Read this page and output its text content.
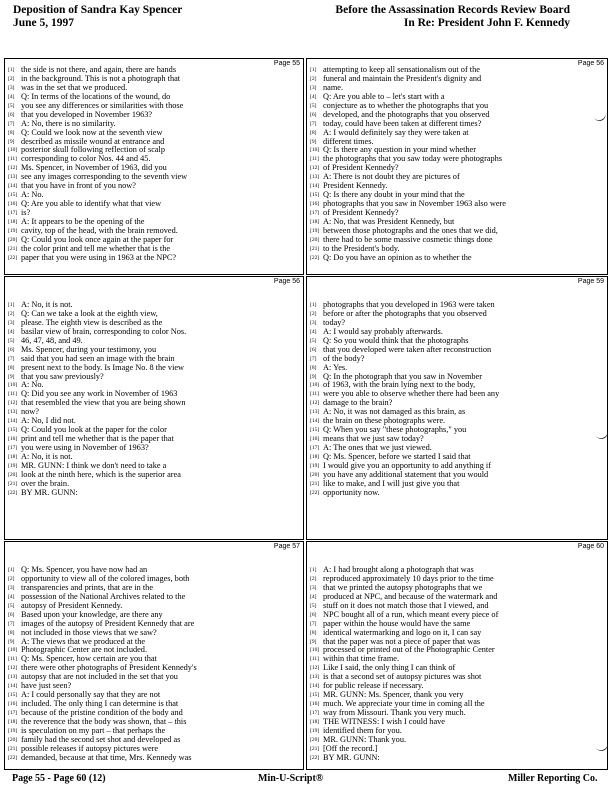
Deposition of Sandra Kay Spencer
June 5, 1997
Before the Assassination Records Review Board
In Re: President John F. Kennedy
Page 55
[1] the side is not there, and again, there are hands
[2] in the background. This is not a photograph that
[3] was in the set that we produced.
[4] Q: In terms of the locations of the wound, do
[5] you see any differences or similarities with those
[6] that you developed in November 1963?
[7] A: No, there is no similarity.
[8] Q: Could we look now at the seventh view
[9] described as missile wound at entrance and
[10] posterior skull following reflection of scalp
[11] corresponding to color Nos. 44 and 45.
[12] Ms. Spencer, in November of 1963, did you
[13] see any images corresponding to the seventh view
[14] that you have in front of you now?
[15] A: No.
[16] Q: Are you able to identify what that view
[17] is?
[18] A: It appears to be the opening of the
[19] cavity, top of the head, with the brain removed.
[20] Q: Could you look once again at the paper for
[21] the color print and tell me whether that is the
[22] paper that you were using in 1963 at the NPC?
Page 56
[1] attempting to keep all sensationalism out of the
[2] funeral and maintain the President's dignity and
[3] name.
[4] Q: Are you able to – let's start with a
[5] conjecture as to whether the photographs that you
[6] developed, and the photographs that you observed
[7] today, could have been taken at different times?
[8] A: I would definitely say they were taken at
[9] different times.
[10] Q: Is there any question in your mind whether
[11] the photographs that you saw today were photographs
[12] of President Kennedy?
[13] A: There is not doubt they are pictures of
[14] President Kennedy.
[15] Q: Is there any doubt in your mind that the
[16] photographs that you saw in November 1963 also were
[17] of President Kennedy?
[18] A: No, that was President Kennedy, but
[19] between those photographs and the ones that we did,
[20] there had to be some massive cosmetic things done
[21] to the President's body.
[22] Q: Do you have an opinion as to whether the
Page 56
[1] A: No, it is not.
[2] Q: Can we take a look at the eighth view,
[3] please. The eighth view is described as the
[4] basilar view of brain, corresponding to color Nos.
[5] 46, 47, 48, and 49.
[6] Ms. Spencer, during your testimony, you
[7] said that you had seen an image with the brain
[8] present next to the body. Is Image No. 8 the view
[9] that you saw previously?
[10] A: No.
[11] Q: Did you see any work in November of 1963
[12] that resembled the view that you are being shown
[13] now?
[14] A: No, I did not.
[15] Q: Could you look at the paper for the color
[16] print and tell me whether that is the paper that
[17] you were using in November of 1963?
[18] A: No, it is not.
[19] MR. GUNN: I think we don't need to take a
[20] look at the ninth here, which is the superior area
[21] over the brain.
[22] BY MR. GUNN:
Page 59
[1] photographs that you developed in 1963 were taken
[2] before or after the photographs that you observed
[3] today?
[4] A: I would say probably afterwards.
[5] Q: So you would think that the photographs
[6] that you developed were taken after reconstruction
[7] of the body?
[8] A: Yes.
[9] Q: In the photograph that you saw in November
[10] of 1963, with the brain lying next to the body,
[11] were you able to observe whether there had been any
[12] damage to the brain?
[13] A: No, it was not damaged as this brain, as
[14] the brain on these photographs were.
[15] Q: When you say "these photographs," you
[16] means that we just saw today?
[17] A: The ones that we just viewed.
[18] Q: Ms. Spencer, before we started I said that
[19] I would give you an opportunity to add anything if
[20] you have any additional statement that you would
[21] like to make, and I will just give you that
[22] opportunity now.
Page 57
[1] Q: Ms. Spencer, you have now had an
[2] opportunity to view all of the colored images, both
[3] transparencies and prints, that are in the
[4] possession of the National Archives related to the
[5] autopsy of President Kennedy.
[6] Based upon your knowledge, are there any
[7] images of the autopsy of President Kennedy that are
[8] not included in those views that we saw?
[9] A: The views that we produced at the
[10] Photographic Center are not included.
[11] Q: Ms. Spencer, how certain are you that
[12] there were other photographs of President Kennedy's
[13] autopsy that are not included in the set that you
[14] have just seen?
[15] A: I could personally say that they are not
[16] included. The only thing I can determine is that
[17] because of the pristine condition of the body and
[18] the reverence that the body was shown, that – this
[19] is speculation on my part – that perhaps the
[20] family had the second set shot and developed as
[21] possible releases if autopsy pictures were
[22] demanded, because at that time, Mrs. Kennedy was
Page 60
[1] A: I had brought along a photograph that was
[2] reproduced approximately 10 days prior to the time
[3] that we printed the autopsy photographs that we
[4] produced at NPC, and because of the watermark and
[5] stuff on it does not match those that I viewed, and
[6] NPC bought all of a run, which meant every piece of
[7] paper within the house would have the same
[8] identical watermarking and logo on it, I can say
[9] that the paper was not a piece of paper that was
[10] processed or printed out of the Photographic Center
[11] within that time frame.
[12] Like I said, the only thing I can think of
[13] is that a second set of autopsy pictures was shot
[14] for public release if necessary.
[15] MR. GUNN: Ms. Spencer, thank you very
[16] much. We appreciate your time in coming all the
[17] way from Missouri. Thank you very much.
[18] THE WITNESS: I wish I could have
[19] identified them for you.
[20] MR. GUNN: Thank you.
[21] [Off the record.]
[22] BY MR. GUNN:
Page 55 - Page 60 (12)	Min-U-Script®	Miller Reporting Co.
